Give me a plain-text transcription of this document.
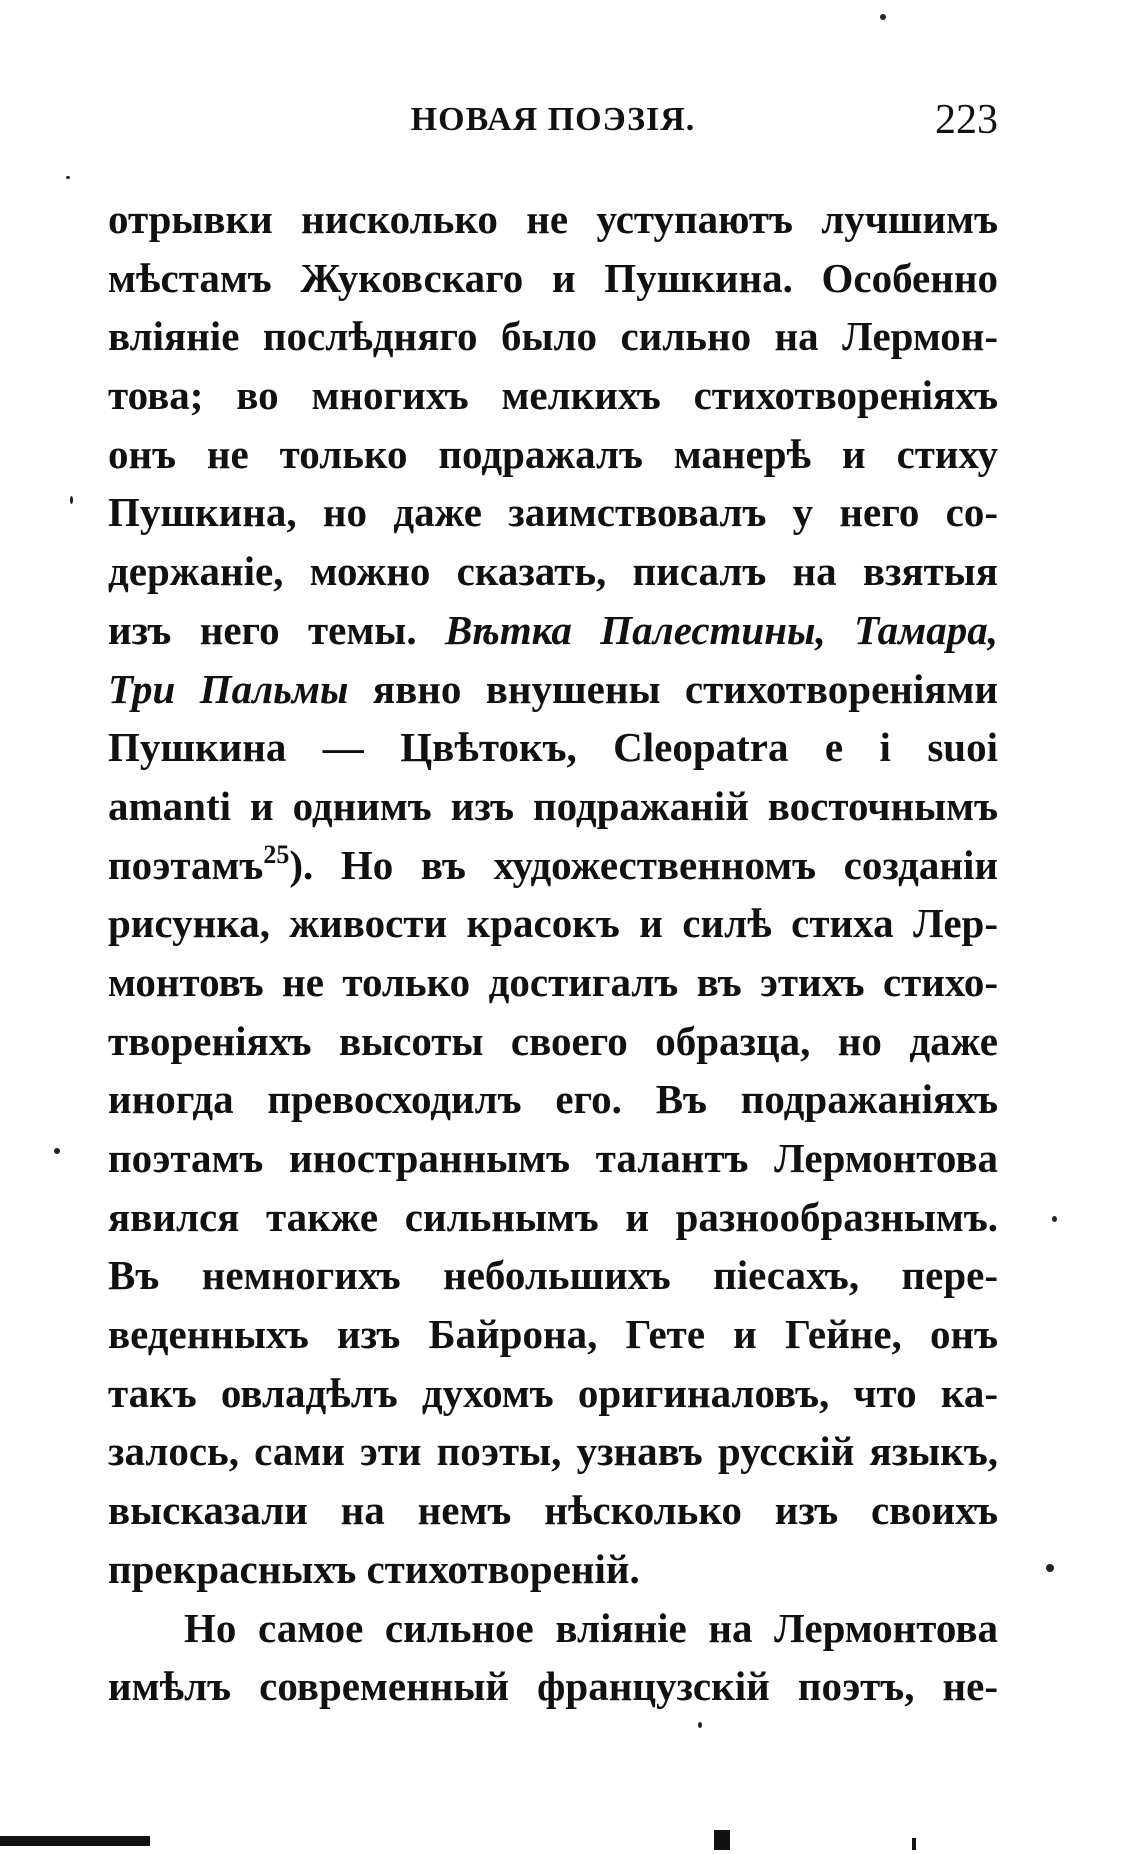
НОВАЯ ПОЭЗІЯ.	223
отрывки нисколько не уступаютъ лучшимъ
мѣстамъ Жуковскаго и Пушкина. Особенно
вліяніе послѣдняго было сильно на Лермон-
това; во многихъ мелкихъ стихотвореніяхъ
онъ не только подражалъ манерѣ и стиху
Пушкина, но даже заимствовалъ у него со-
держаніе, можно сказать, писалъ на взятыя
изъ него темы. Вѣтка Палестины, Тамара,
Три Пальмы явно внушены стихотвореніями
Пушкина — Цвѣтокъ, Cleopatra e i suoi
amanti и однимъ изъ подражаній восточнымъ
поэтамъ$^{25}$). Но въ художественномъ созданіи
рисунка, живости красокъ и силѣ стиха Лер-
монтовъ не только достигалъ въ этихъ стихо-
твореніяхъ высоты своего образца, но даже
иногда превосходилъ его. Въ подражаніяхъ
поэтамъ иностраннымъ талантъ Лермонтова
явился также сильнымъ и разнообразнымъ.
Въ немногихъ небольшихъ піесахъ, пере-
веденныхъ изъ Байрона, Гете и Гейне, онъ
такъ овладѣлъ духомъ оригиналовъ, что ка-
залось, сами эти поэты, узнавъ русскій языкъ,
высказали на немъ нѣсколько изъ своихъ
прекрасныхъ стихотвореній.
Но самое сильное вліяніе на Лермонтова
имѣлъ современный французскій поэтъ, не-
